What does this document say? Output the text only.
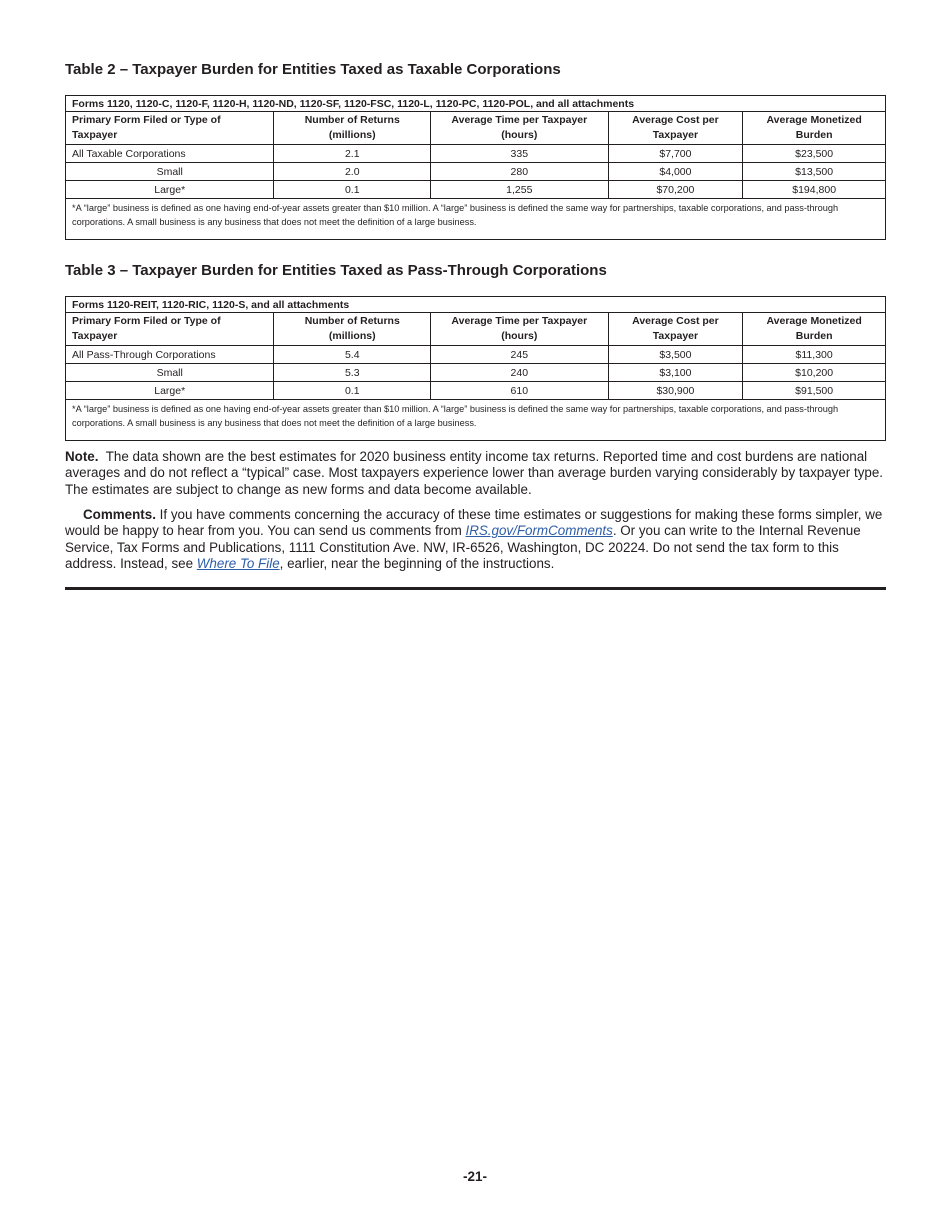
Table 2 – Taxpayer Burden for Entities Taxed as Taxable Corporations
Forms 1120, 1120-C, 1120-F, 1120-H, 1120-ND, 1120-SF, 1120-FSC, 1120-L, 1120-PC, 1120-POL, and all attachments				
Primary Form Filed or Type of Taxpayer	Number of Returns (millions)	Average Time per Taxpayer (hours)	Average Cost per Taxpayer	Average Monetized Burden
All Taxable Corporations	2.1	335	$7,700	$23,500
Small	2.0	280	$4,000	$13,500
Large*	0.1	1,255	$70,200	$194,800
*A “large” business is defined as one having end-of-year assets greater than $10 million. A “large” business is defined the same way for partnerships, taxable corporations, and pass-through corporations. A small business is any business that does not meet the definition of a large business.				
Table 3 – Taxpayer Burden for Entities Taxed as Pass-Through Corporations
Forms 1120-REIT, 1120-RIC, 1120-S, and all attachments				
Primary Form Filed or Type of Taxpayer	Number of Returns (millions)	Average Time per Taxpayer (hours)	Average Cost per Taxpayer	Average Monetized Burden
All Pass-Through Corporations	5.4	245	$3,500	$11,300
Small	5.3	240	$3,100	$10,200
Large*	0.1	610	$30,900	$91,500
*A “large” business is defined as one having end-of-year assets greater than $10 million. A “large” business is defined the same way for partnerships, taxable corporations, and pass-through corporations. A small business is any business that does not meet the definition of a large business.				

Note. The data shown are the best estimates for 2020 business entity income tax returns. Reported time and cost burdens are national averages and do not reflect a “typical” case. Most taxpayers experience lower than average burden varying considerably by taxpayer type. The estimates are subject to change as new forms and data become available.

Comments. If you have comments concerning the accuracy of these time estimates or suggestions for making these forms simpler, we would be happy to hear from you. You can send us comments from IRS.gov/FormComments. Or you can write to the Internal Revenue Service, Tax Forms and Publications, 1111 Constitution Ave. NW, IR-6526, Washington, DC 20224. Do not send the tax form to this address. Instead, see Where To File, earlier, near the beginning of the instructions.

-21-
